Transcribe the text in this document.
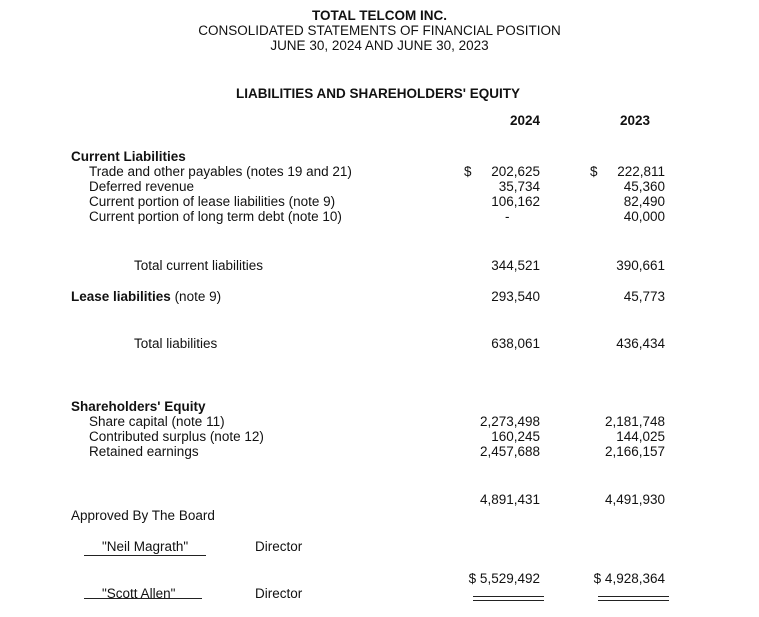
TOTAL TELCOM INC.
CONSOLIDATED STATEMENTS OF FINANCIAL POSITION
JUNE 30, 2024 AND JUNE 30, 2023
LIABILITIES AND SHAREHOLDERS' EQUITY
2024	2023
Current Liabilities
Trade and other payables (notes 19 and 21)	$	202,625	$	222,811
Deferred revenue	35,734	45,360
Current portion of lease liabilities (note 9)	106,162	82,490
Current portion of long term debt (note 10)	-	40,000
Total current liabilities	344,521	390,661
Lease liabilities (note 9)	293,540	45,773
Total liabilities	638,061	436,434
Shareholders' Equity
Share capital (note 11)	2,273,498	2,181,748
Contributed surplus (note 12)	160,245	144,025
Retained earnings	2,457,688	2,166,157
4,891,431	4,491,930
Approved By The Board
"Neil Magrath"	Director
$ 5,529,492	$ 4,928,364
"Scott Allen"	Director
